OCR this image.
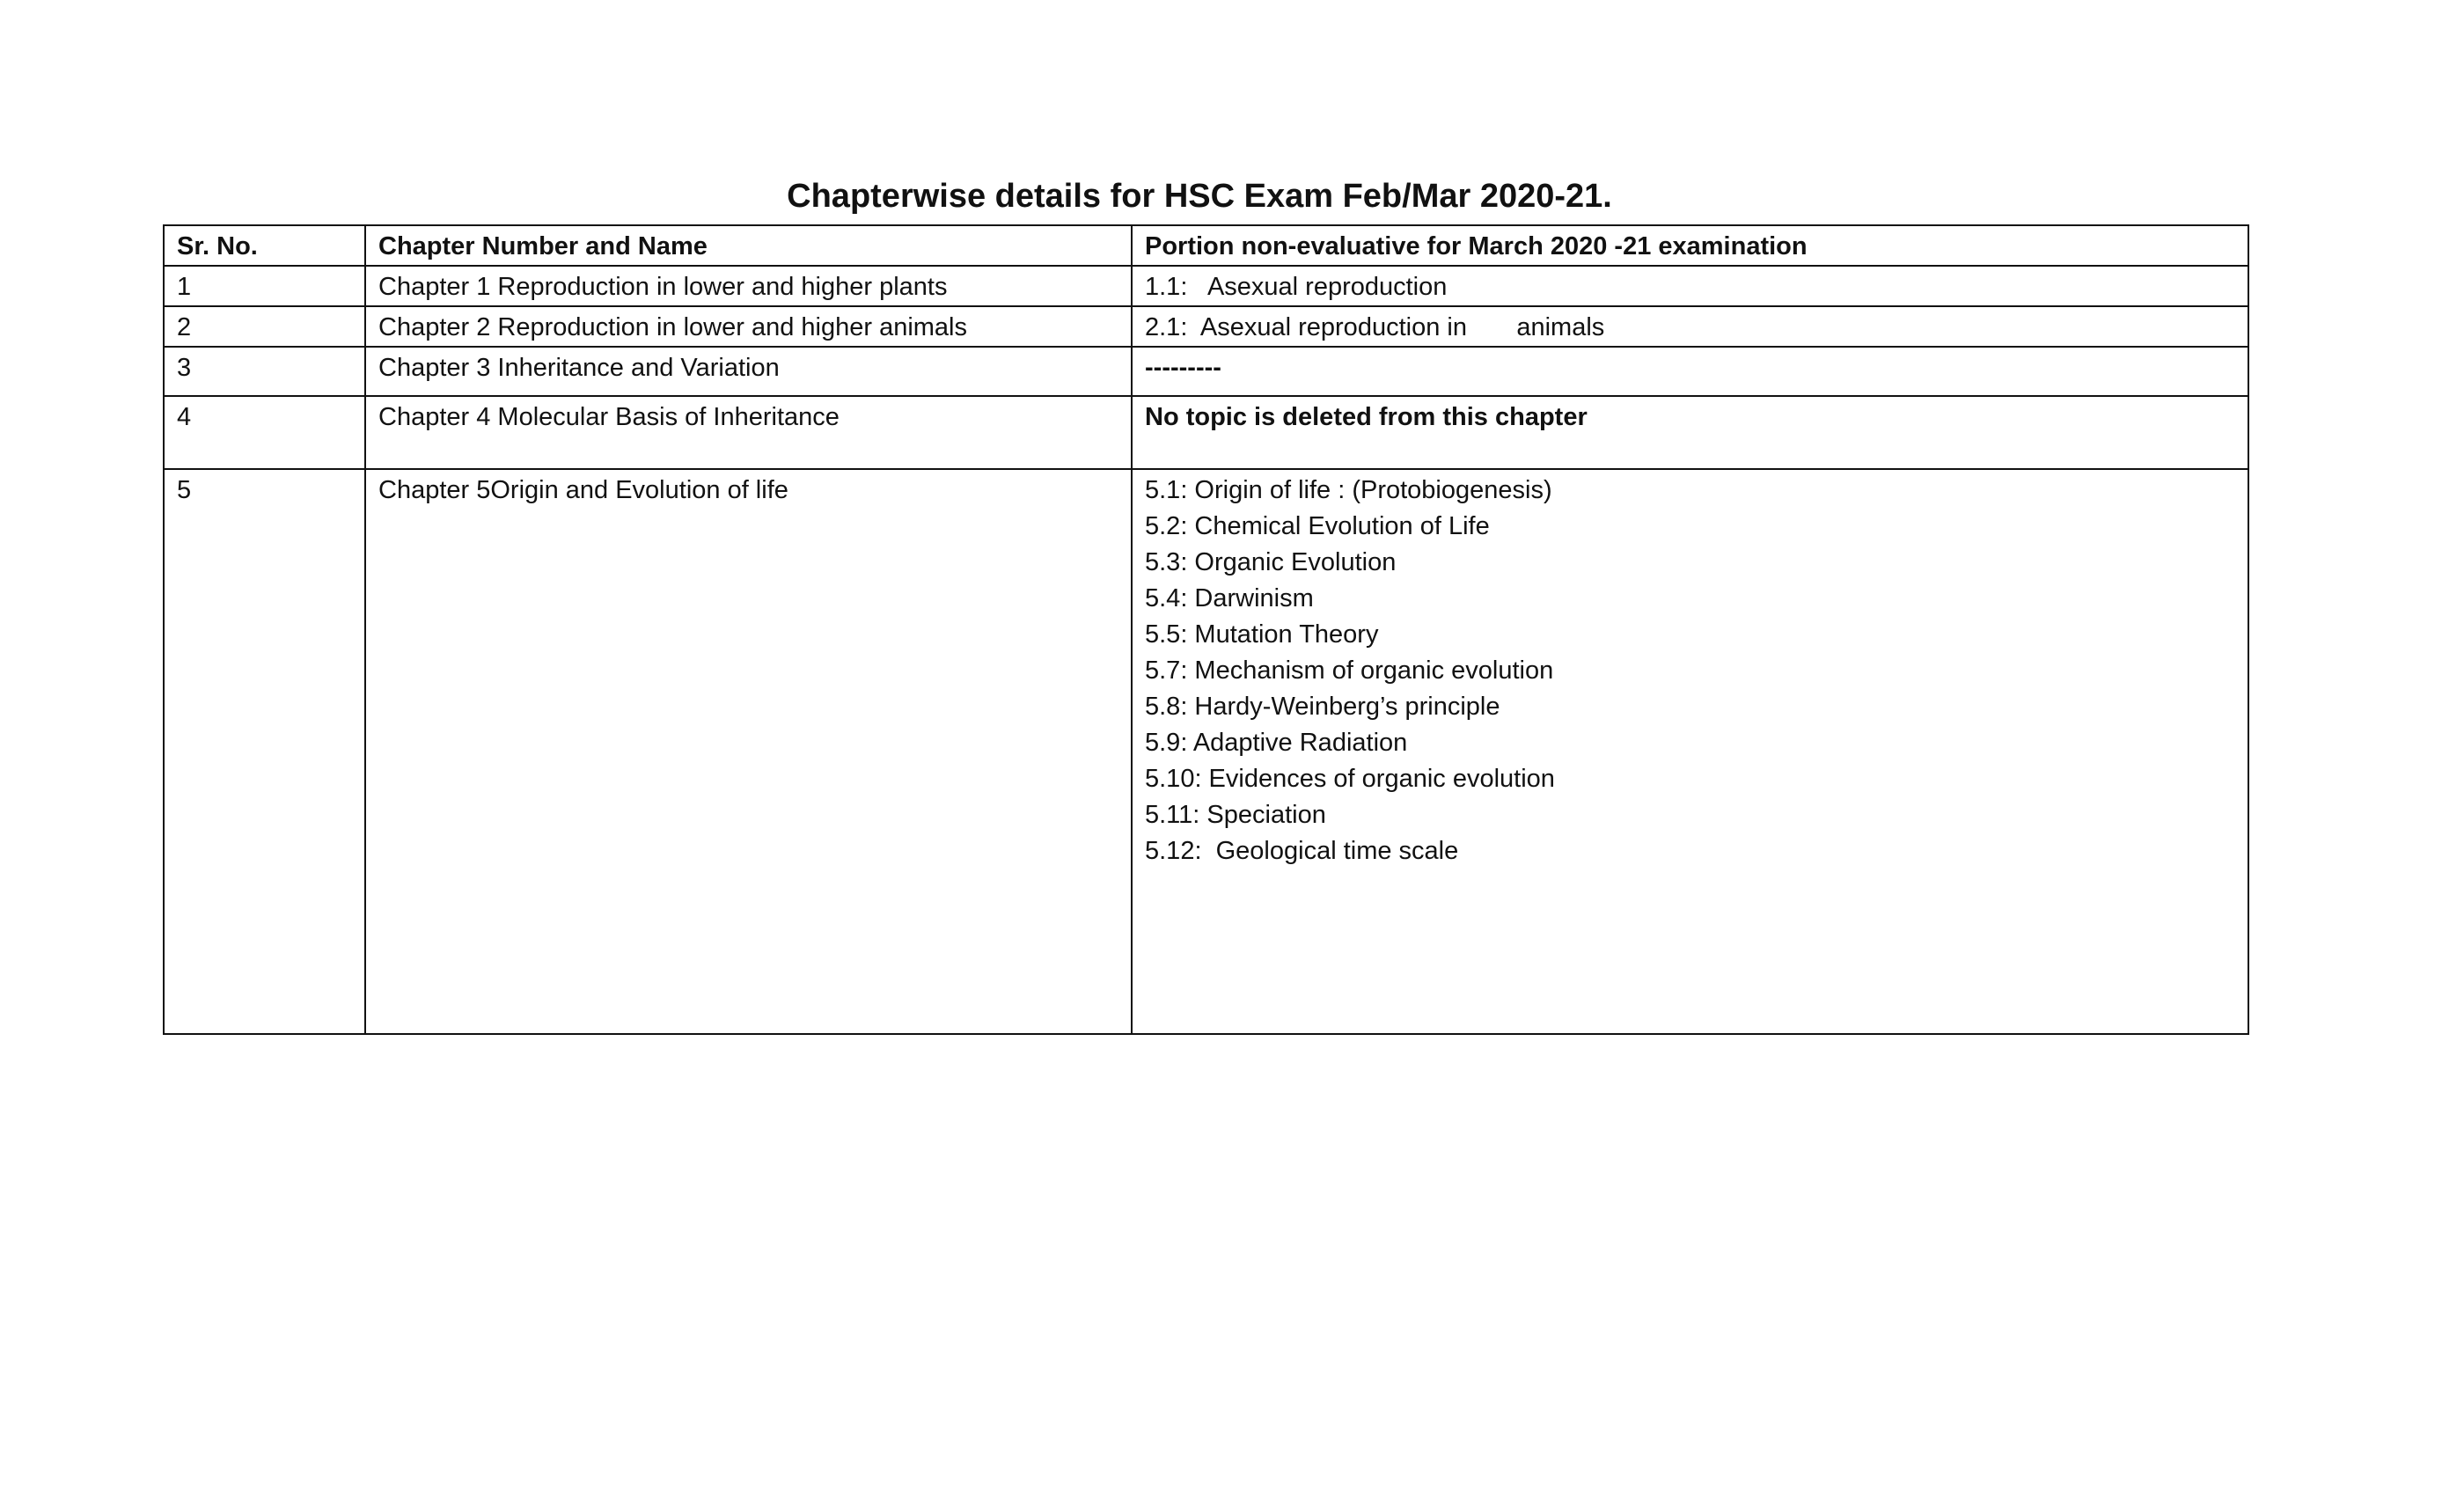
Chapterwise details for HSC Exam Feb/Mar 2020-21.
Sr. No.	Chapter Number and Name	Portion non-evaluative for March 2020 -21 examination
1	Chapter 1 Reproduction in lower and higher plants	1.1:   Asexual reproduction

2	Chapter 2 Reproduction in lower and higher animals	2.1:  Asexual reproduction in       animals

3	Chapter 3 Inheritance and Variation	---------

4	Chapter 4 Molecular Basis of Inheritance	No topic is deleted from this chapter

5	Chapter 5Origin and Evolution of life	5.1: Origin of life : (Protobiogenesis)
5.2: Chemical Evolution of Life
5.3: Organic Evolution
5.4: Darwinism
5.5: Mutation Theory
5.7: Mechanism of organic evolution
5.8: Hardy-Weinberg’s principle
5.9: Adaptive Radiation
5.10: Evidences of organic evolution
5.11: Speciation
5.12:  Geological time scale
